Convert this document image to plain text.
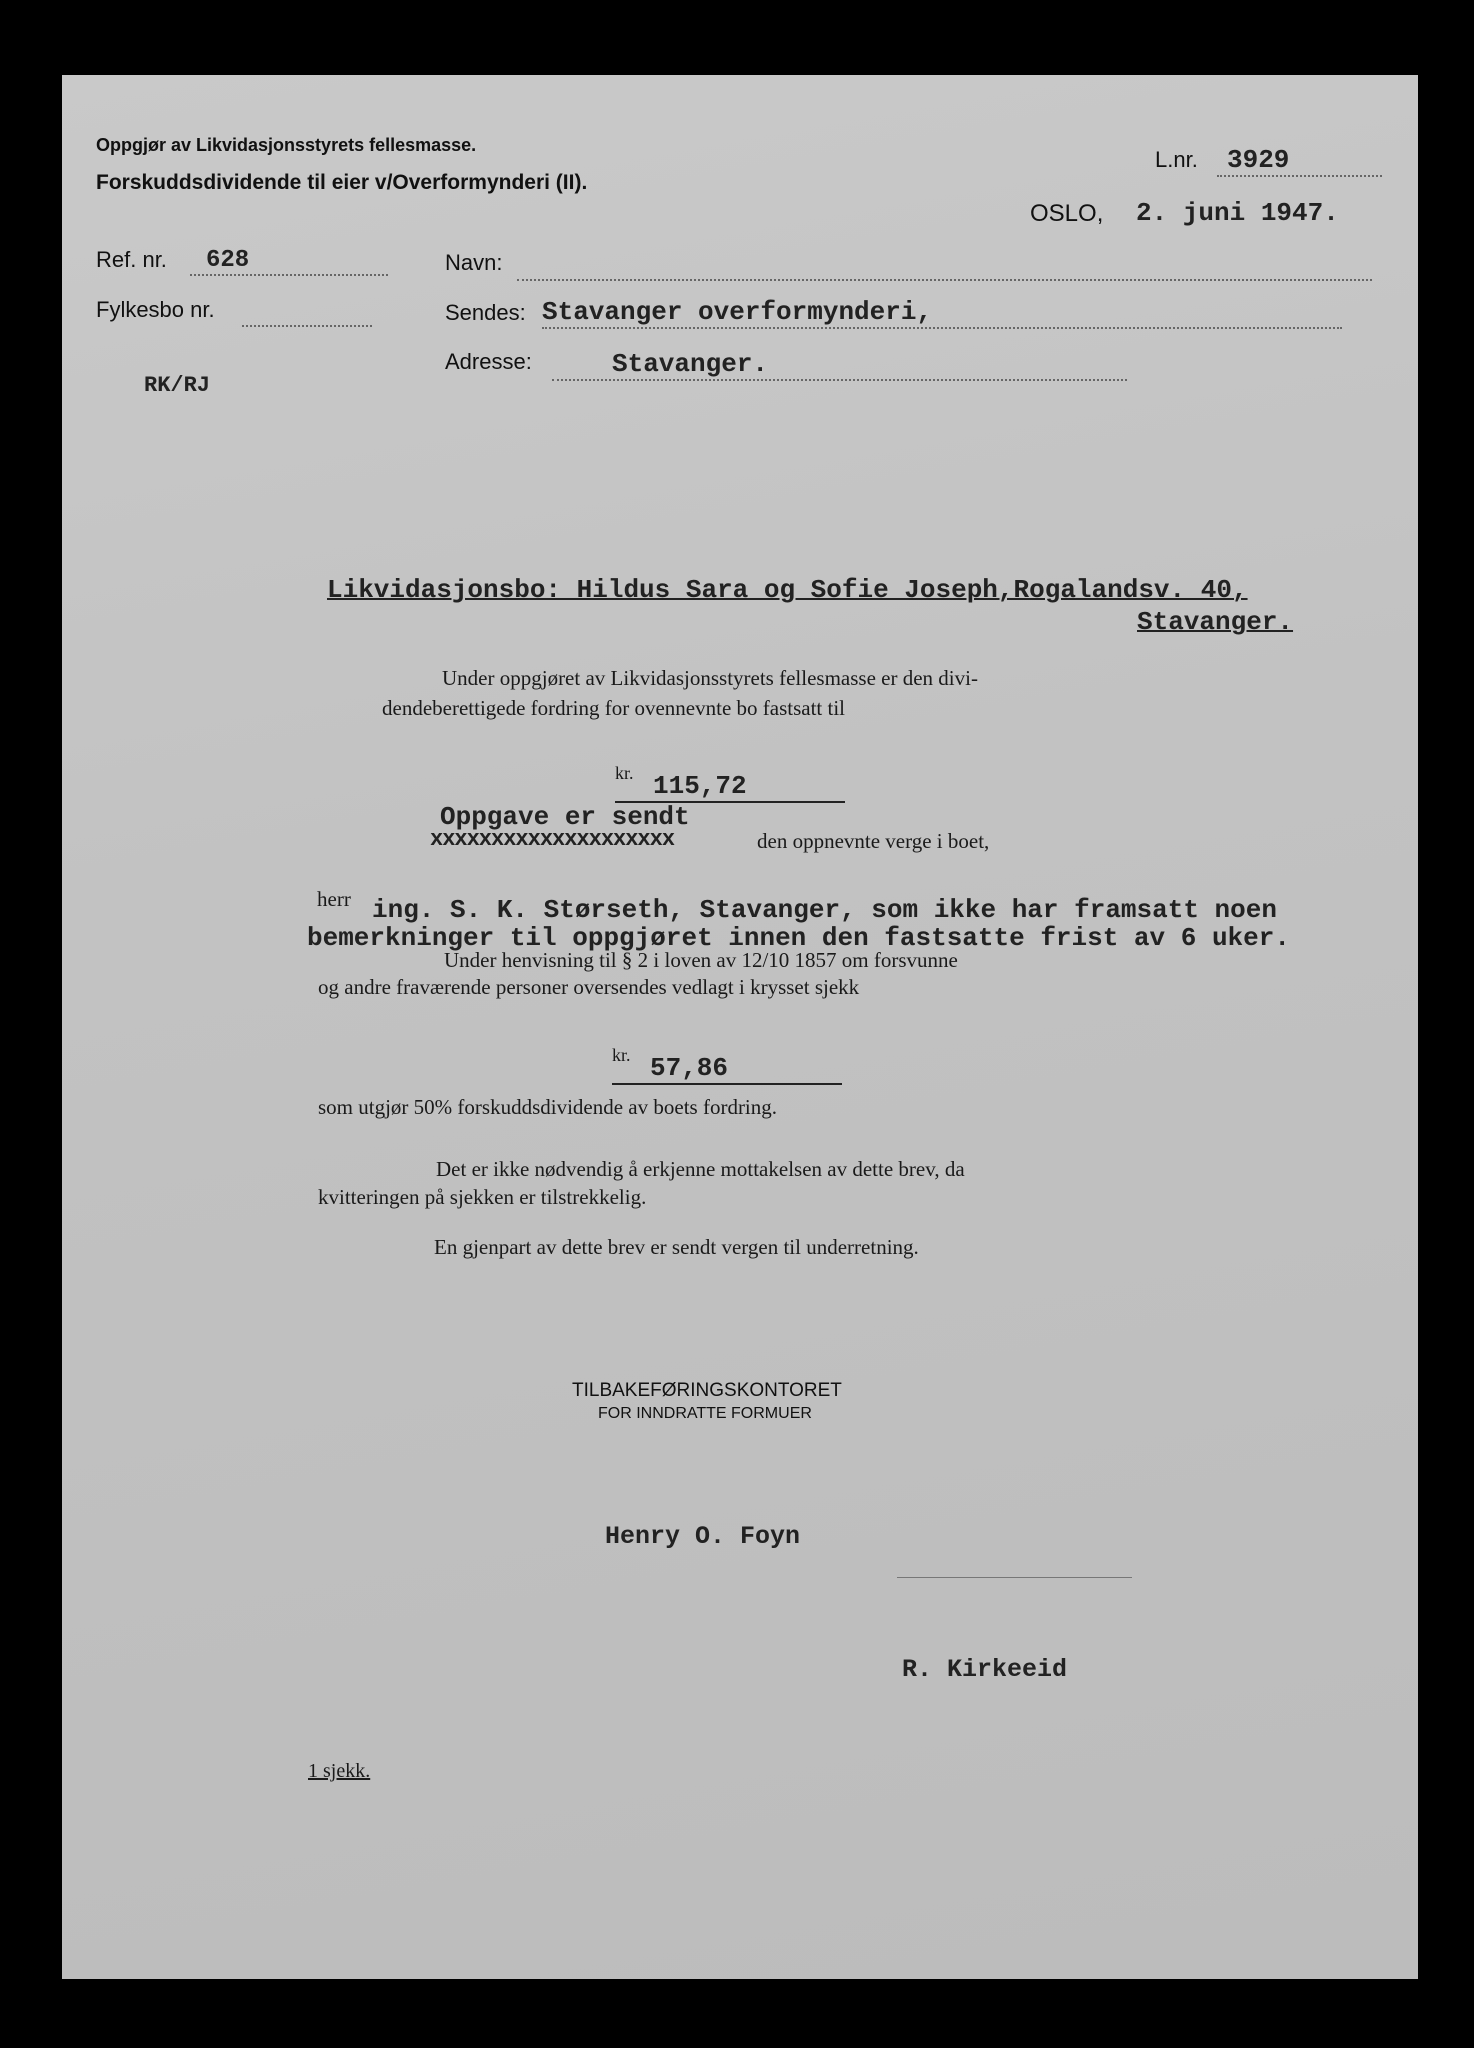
Oppgjør av Likvidasjonsstyrets fellesmasse.
Forskuddsdividende til eier v/Overformynderi (II).
L.nr.	3929
OSLO, 2. juni 1947.
Ref. nr.	628
Fylkesbo nr.
Navn:
Sendes: Stavanger overformynderi,
Adresse:	Stavanger.
RK/RJ
Likvidasjonsbo: Hildus Sara og Sofie Joseph,Rogalandsv. 40,
Stavanger.
Under oppgjøret av Likvidasjonsstyrets fellesmasse er den divi-
dendeberettigede fordring for ovennevnte bo fastsatt til
kr. 115,72
Oppgave er sendt
xxxxxxxxxxxxxxxxxxxx	den oppnevnte verge i boet,
herr ing. S. K. Størseth, Stavanger, som ikke har framsatt noen
bemerkninger til oppgjøret innen den fastsatte frist av 6 uker.
Under henvisning til § 2 i loven av 12/10 1857 om forsvunne
og andre fraværende personer oversendes vedlagt i krysset sjekk
kr. 57,86
som utgjør 50% forskuddsdividende av boets fordring.
Det er ikke nødvendig å erkjenne mottakelsen av dette brev, da
kvitteringen på sjekken er tilstrekkelig.
En gjenpart av dette brev er sendt vergen til underretning.
TILBAKEFØRINGSKONTORET
FOR INNDRATTE FORMUER
Henry O. Foyn
R. Kirkeeid
1 sjekk.
